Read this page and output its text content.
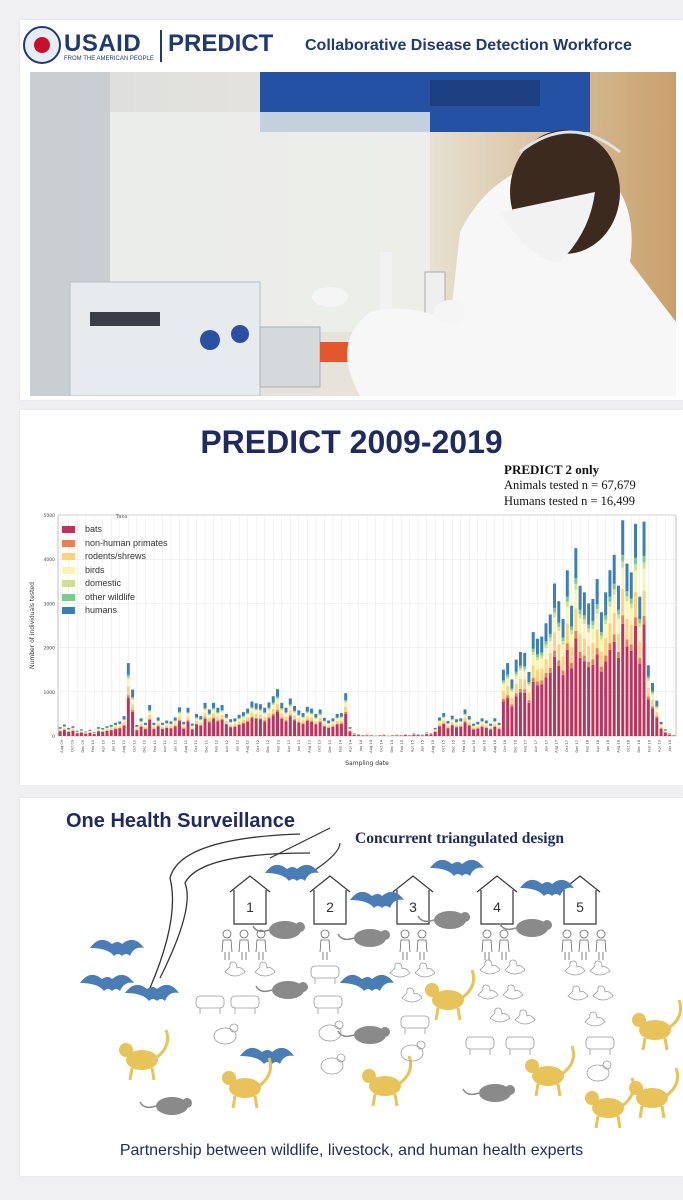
USAID
FROM THE AMERICAN PEOPLE
PREDICT Collaborative Disease Detection Workforce
PREDICT 2009-2019
PREDICT 2 only
Animals tested n = 67,679
Humans tested n = 16,499
0
1000
2000
3000
4000
5000
Number of individuals tested
Sampling date
Aug 09 Oct 09 Dec 09 Feb 10 Apr 10 Jun 10 Aug 10 Oct 10 Dec 10 Feb 11 Apr 11 Jun 11 Aug 11 Oct 11 Dec 11 Feb 12 Apr 12 Jun 12 Aug 12 Oct 12 Dec 12 Feb 13 Apr 13 Jun 13 Aug 13 Oct 13 Dec 13 Feb 14 Apr 14 Jun 14 Aug 14 Oct 14 Dec 14 Feb 15 Apr 15 Jun 15 Aug 15 Oct 15 Dec 15 Feb 16 Apr 16 Jun 16 Aug 16 Oct 16 Dec 16 Feb 17 Apr 17 Jun 17 Aug 17 Oct 17 Dec 17 Feb 18 Apr 18 Jun 18 Aug 18 Oct 18 Dec 18 Feb 19 Apr 19 Jun 19
Taxa
bats
non-human primates
rodents/shrews
birds
domestic
other wildlife
humans
One Health Surveillance
Concurrent triangulated design
1	2	3	4	5
Partnership between wildlife, livestock, and human health experts
